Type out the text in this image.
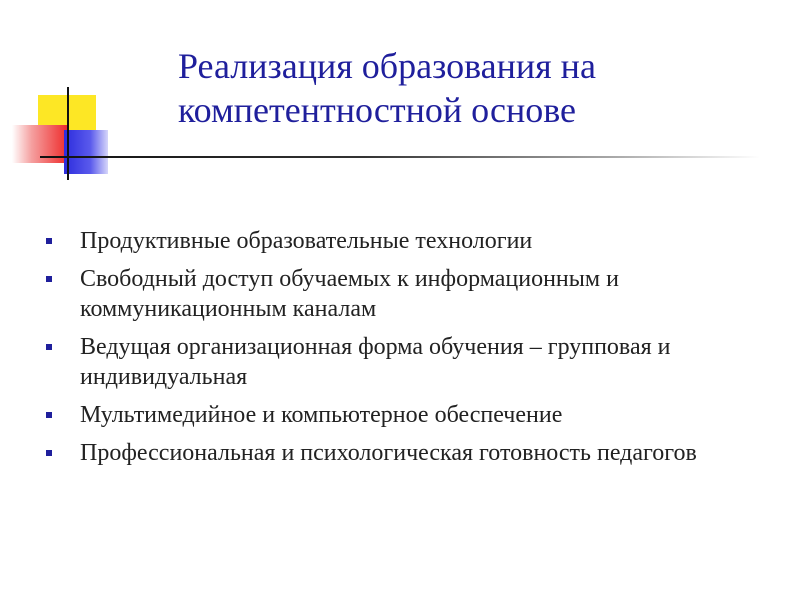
Реализация образования на
компетентностной основе
Продуктивные образовательные технологии
Свободный доступ обучаемых к информационным и коммуникационным каналам
Ведущая организационная форма обучения – групповая и индивидуальная
Мультимедийное и компьютерное обеспечение
Профессиональная и психологическая готовность педагогов
